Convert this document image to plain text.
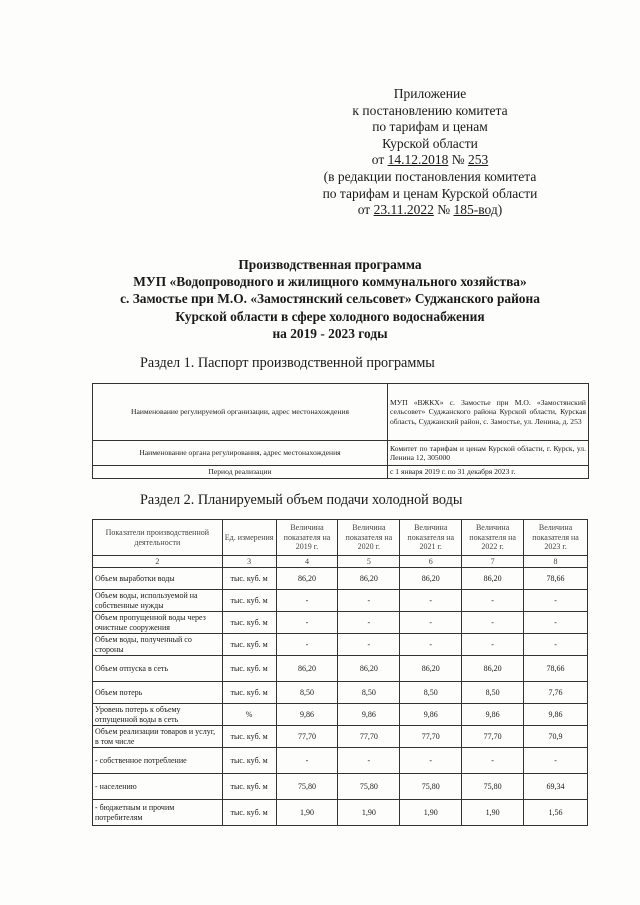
Приложение
к постановлению комитета
по тарифам и ценам
Курской области
от 14.12.2018 № 253
(в редакции постановления комитета
по тарифам и ценам Курской области
от 23.11.2022 № 185-вод)
Производственная программа
МУП «Водопроводного и жилищного коммунального хозяйства»
с. Замостье при М.О. «Замостянский сельсовет» Суджанского района
Курской области в сфере холодного водоснабжения
на 2019 - 2023 годы
Раздел 1. Паспорт производственной программы
Наименование регулируемой организации, адрес местонахождения	МУП «ВЖКХ» с. Замостье при М.О. «Замостянский сельсовет» Суджанского района Курской области, Курская область, Суджанский район, с. Замостье, ул. Ленина, д. 253
Наименование органа регулирования, адрес местонахождения	Комитет по тарифам и ценам Курской области, г. Курск, ул. Ленина 12, 305000
Период реализации	с 1 января 2019 г. по 31 декабря 2023 г.
Раздел 2. Планируемый объем подачи холодной воды
Показатели производственной деятельности	Ед. измерения	Величина показателя на 2019 г.	Величина показателя на 2020 г.	Величина показателя на 2021 г.	Величина показателя на 2022 г.	Величина показателя на 2023 г.
2	3	4	5	6	7	8
Объем выработки воды	тыс. куб. м	86,20	86,20	86,20	86,20	78,66
Объем воды, используемой на собственные нужды	тыс. куб. м	-	-	-	-	-
Объем пропущенной воды через очистные сооружения	тыс. куб. м	-	-	-	-	-
Объем воды, полученный со стороны	тыс. куб. м	-	-	-	-	-
Объем отпуска в сеть	тыс. куб. м	86,20	86,20	86,20	86,20	78,66
Объем потерь	тыс. куб. м	8,50	8,50	8,50	8,50	7,76
Уровень потерь к объему отпущенной воды в сеть	%	9,86	9,86	9,86	9,86	9,86
Объем реализации товаров и услуг, в том числе	тыс. куб. м	77,70	77,70	77,70	77,70	70,9
- собственное потребление	тыс. куб. м	-	-	-	-	-
- населению	тыс. куб. м	75,80	75,80	75,80	75,80	69,34
- бюджетным и прочим потребителям	тыс. куб. м	1,90	1,90	1,90	1,90	1,56
